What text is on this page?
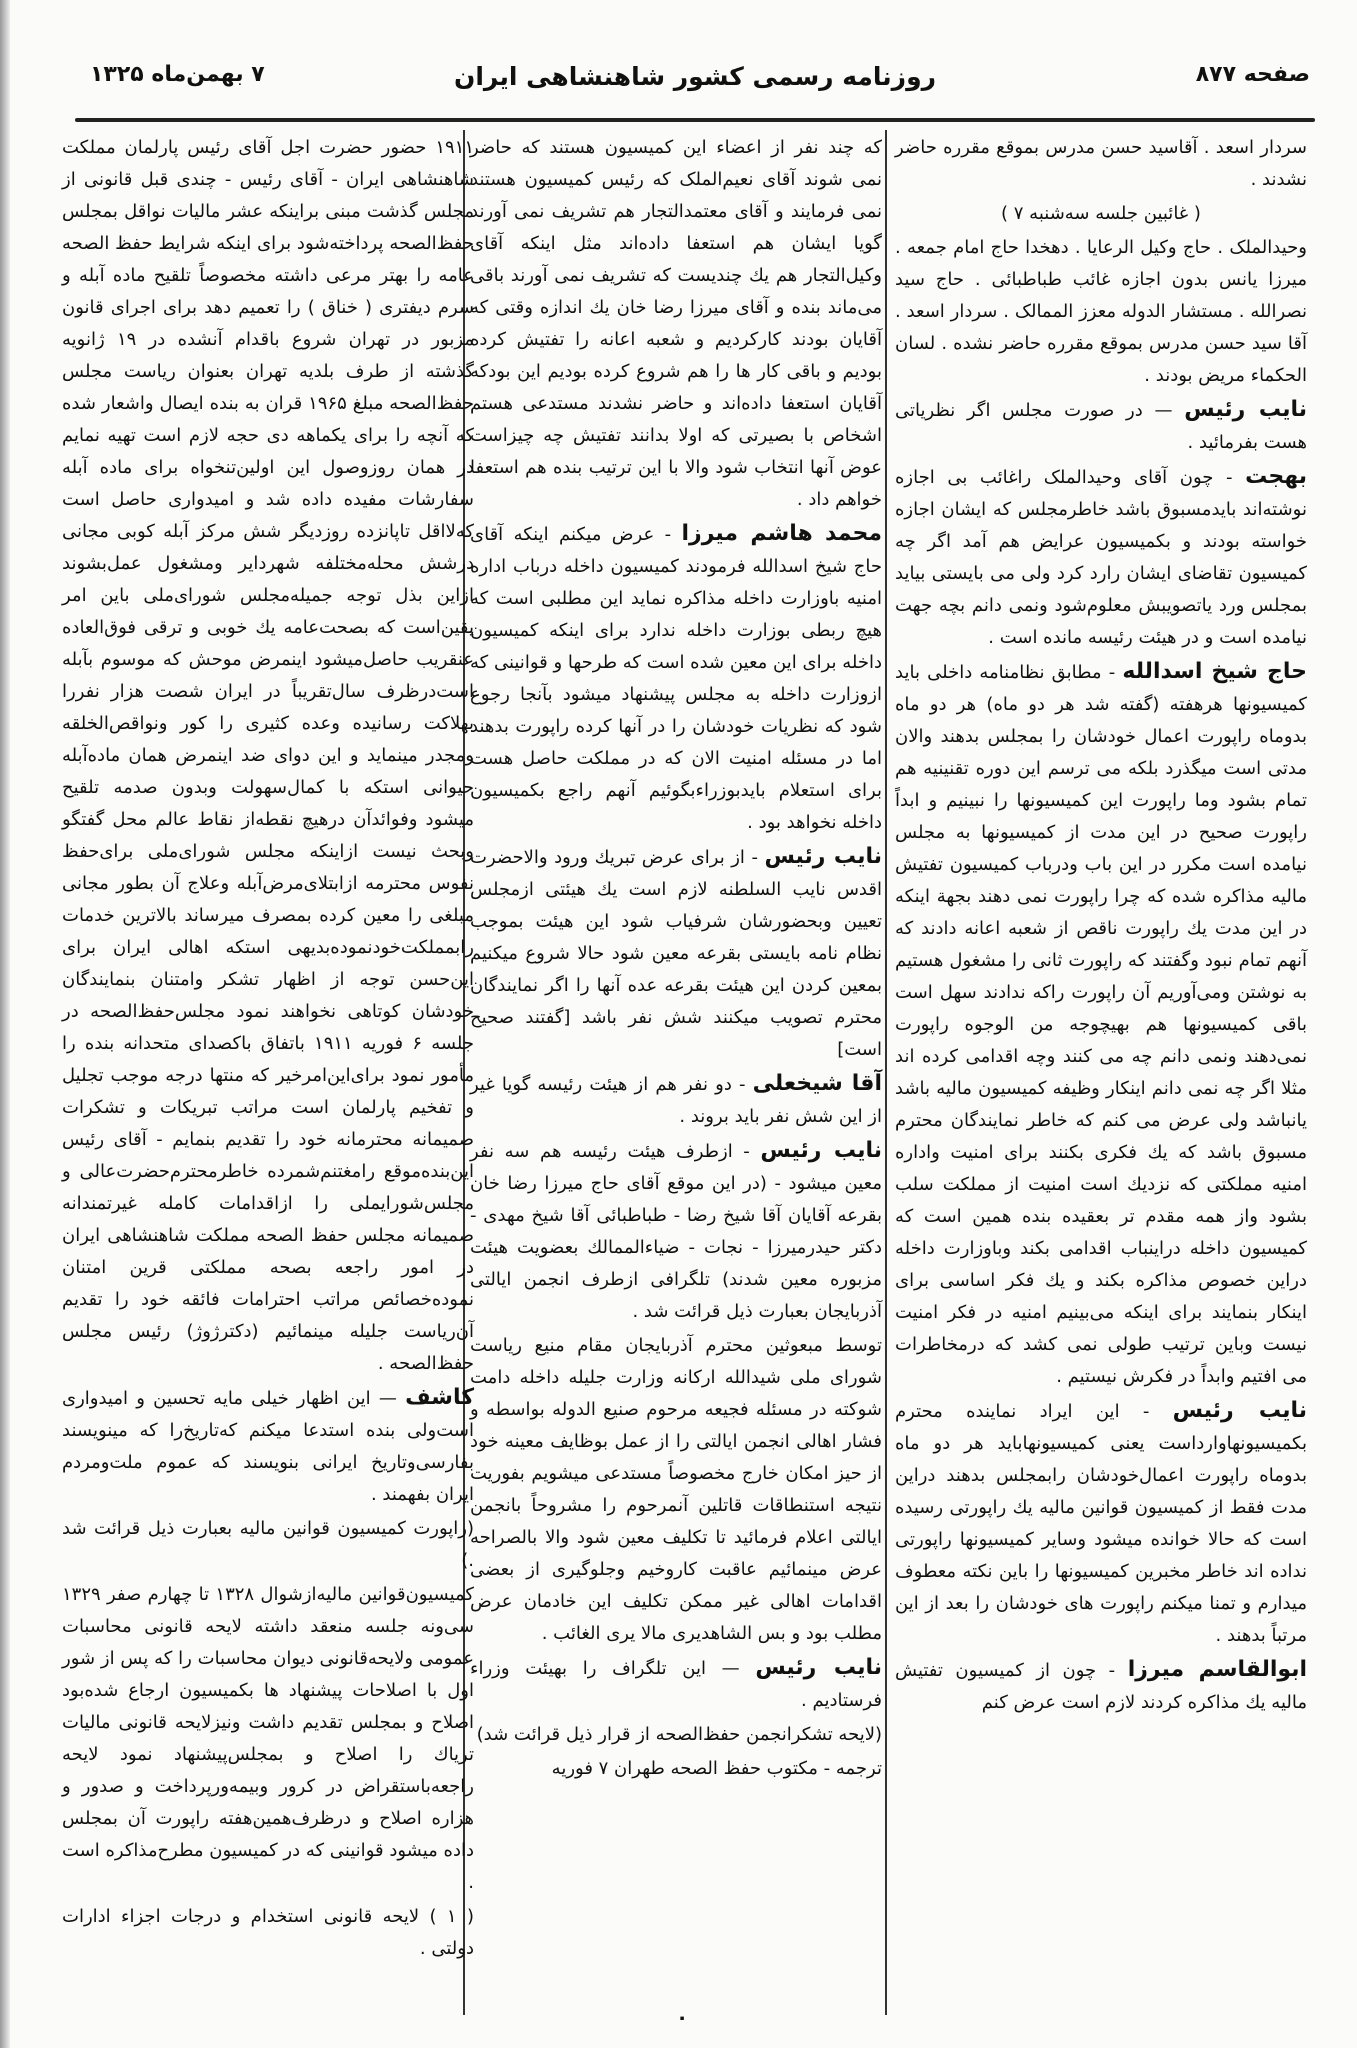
صفحه ۸۷۷
روزنامه رسمی کشور شاهنشاهی ایران
۷ بهمن‌ماه ۱۳۲۵

سردار اسعد . آقاسید حسن مدرس بموقع مقرره حاضر نشدند .

( غائبین جلسه سه‌شنبه ۷ )

وحیدالملک . حاج وکیل الرعایا . دهخدا حاج امام جمعه . میرزا یانس بدون اجازه غائب طباطبائی . حاج سید نصرالله . مستشار الدوله معزز الممالک . سردار اسعد . آقا سید حسن مدرس بموقع مقرره حاضر نشده . لسان الحکماء مریض بودند .

نایب رئیس — در صورت مجلس اگر نظریاتی هست بفرمائید .

بهجت - چون آقای وحیدالملک راغائب بی اجازه نوشته‌اند بایدمسبوق باشد خاطرمجلس که ایشان اجازه خواسته بودند و بکمیسیون عرایض هم آمد اگر چه کمیسیون تقاضای ایشان رارد کرد ولی می بایستی بیاید بمجلس ورد یاتصویبش معلوم‌شود ونمی دانم بچه جهت نیامده است و در هیئت رئیسه مانده است .

حاج شیخ اسدالله - مطابق نظامنامه داخلی باید کمیسیونها هرهفته (گفته شد هر دو ماه) هر دو ماه بدوماه راپورت اعمال خودشان را بمجلس بدهند والان مدتی است میگذرد بلکه می ترسم این دوره تقنینیه هم تمام بشود وما راپورت این کمیسیونها را نبینیم و ابداً راپورت صحیح در این مدت از کمیسیونها به مجلس نیامده است مکرر در این باب ودرباب کمیسیون تفتیش مالیه مذاکره شده که چرا راپورت نمی دهند بجهة اینکه در این مدت یك راپورت ناقص از شعبه اعانه دادند که آنهم تمام نبود وگفتند که راپورت ثانی را مشغول هستیم به نوشتن ومی‌آوریم آن راپورت راکه ندادند سهل است باقی کمیسیونها هم بهیچوجه من الوجوه راپورت نمی‌دهند ونمی دانم چه می کنند وچه اقدامی کرده اند مثلا اگر چه نمی دانم اینکار وظیفه کمیسیون مالیه باشد یانباشد ولی عرض می کنم که خاطر نمایندگان محترم مسبوق باشد که یك فکری بکنند برای امنیت واداره امنیه مملکتی که نزدیك است امنیت از مملکت سلب بشود واز همه مقدم تر بعقیده بنده همین است که کمیسیون داخله دراینباب اقدامی بکند وباوزارت داخله دراین خصوص مذاکره بکند و یك فکر اساسی برای اینکار بنمایند برای اینکه می‌بینیم امنیه در فکر امنیت نیست وباین ترتیب طولی نمی کشد که درمخاطرات می افتیم وابداً در فکرش نیستیم .

نایب رئیس - این ایراد نماینده محترم بکمیسیونهاوارداست یعنی کمیسیونهاباید هر دو ماه بدوماه راپورت اعمال‌خودشان رابمجلس بدهند دراین مدت فقط از کمیسیون قوانین مالیه یك راپورتی رسیده است که حالا خوانده میشود وسایر کمیسیونها راپورتی نداده اند خاطر مخبرین کمیسیونها را باین نکته معطوف میدارم و تمنا میکنم راپورت های خودشان را بعد از این مرتباً بدهند .

ابوالقاسم میرزا - چون از کمیسیون تفتیش مالیه یك مذاکره کردند لازم است عرض کنم

که چند نفر از اعضاء این کمیسیون هستند که حاضر نمی شوند آقای نعیم‌الملک که رئیس کمیسیون هستند نمی فرمایند و آقای معتمدالتجار هم تشریف نمی آورند گویا ایشان هم استعفا داده‌اند مثل اینکه آقای وکیل‌التجار هم یك چندیست که تشریف نمی آورند باقی می‌ماند بنده و آقای میرزا رضا خان یك اندازه وقتی که آقایان بودند کارکردیم و شعبه اعانه را تفتیش کرده بودیم و باقی کار ها را هم شروع کرده بودیم این بودکه آقایان استعفا داده‌اند و حاضر نشدند مستدعی هستم اشخاص با بصیرتی که اولا بدانند تفتیش چه چیزاست عوض آنها انتخاب شود والا با این ترتیب بنده هم استعفا خواهم داد .

محمد هاشم میرزا - عرض میکنم اینکه آقای حاج شیخ اسدالله فرمودند کمیسیون داخله درباب اداره امنیه باوزارت داخله مذاکره نماید این مطلبی است که هیچ ربطی بوزارت داخله ندارد برای اینکه کمیسیون داخله برای این معین شده است که طرحها و قوانینی که ازوزارت داخله به مجلس پیشنهاد میشود بآنجا رجوع شود که نظریات خودشان را در آنها کرده راپورت بدهند اما در مسئله امنیت الان که در مملکت حاصل هست برای استعلام بایدبوزراءبگوئیم آنهم راجع بکمیسیون داخله نخواهد بود .

نایب رئیس - از برای عرض تبریك ورود والاحضرت اقدس نایب السلطنه لازم است یك هیئتی ازمجلس تعیین وبحضورشان شرفیاب شود این هیئت بموجب نظام نامه بایستی بقرعه معین شود حالا شروع میکنیم بمعین کردن این هیئت بقرعه عده آنها را اگر نمایندگان محترم تصویب میکنند شش نفر باشد [گفتند صحیح است]

آقا شیخعلی - دو نفر هم از هیئت رئیسه گویا غیر از این شش نفر باید بروند .

نایب رئیس - ازطرف هیئت رئیسه هم سه نفر معین میشود - (در این موقع آقای حاج میرزا رضا خان بقرعه آقایان آقا شیخ رضا - طباطبائی آقا شیخ مهدی - دکتر حیدرمیرزا - نجات - ضیاءالممالك بعضویت هیئت مزبوره معین شدند) تلگرافی ازطرف انجمن ایالتی آذربایجان بعبارت ذیل قرائت شد .

توسط مبعوثین محترم آذربایجان مقام منیع ریاست شورای ملی شیدالله ارکانه وزارت جلیله داخله دامت شوکته در مسئله فجیعه مرحوم صنیع الدوله بواسطه و فشار اهالی انجمن ایالتی را از عمل بوظایف معینه خود از حیز امکان خارج مخصوصاً مستدعی میشویم بفوریت نتیجه استنطاقات قاتلین آنمرحوم را مشروحاً بانجمن ایالتی اعلام فرمائید تا تکلیف معین شود والا بالصراحه عرض مینمائیم عاقبت کاروخیم وجلوگیری از بعضی اقدامات اهالی غیر ممکن تکلیف این خادمان عرض مطلب بود و بس الشاهدیری مالا یری الغائب .

نایب رئیس — این تلگراف را بهیئت وزراء فرستادیم .

(لایحه تشکرانجمن حفظ‌الصحه از قرار ذیل قرائت شد)

ترجمه - مکتوب حفظ الصحه طهران ۷ فوریه

۱۹۱۱ حضور حضرت اجل آقای رئیس پارلمان مملکت شاهنشاهی ایران - آقای رئیس - چندی قبل قانونی از مجلس گذشت مبنی براینکه عشر مالیات نواقل بمجلس حفظ‌الصحه پرداخته‌شود برای اینکه شرایط حفظ الصحه عامه را بهتر مرعی داشته مخصوصاً تلقیح ماده آبله و سرم دیفتری ( خناق ) را تعمیم دهد برای اجرای قانون مزبور در تهران شروع باقدام آنشده در ۱۹ ژانویه گذشته از طرف بلدیه تهران بعنوان ریاست مجلس حفظ‌الصحه مبلغ ۱۹۶۵ قران به بنده ایصال واشعار شده که آنچه را برای یکماهه دی حجه لازم است تهیه نمایم در همان روزوصول این اولین‌تنخواه برای ماده آبله سفارشات مفیده داده شد و امیدواری حاصل است که‌لااقل تاپانزده روزدیگر شش مرکز آبله کوبی مجانی درشش محله‌مختلفه شهردایر ومشغول عمل‌بشوند ازاین بذل توجه جمیله‌مجلس شورای‌ملی باین امر یقین‌است که بصحت‌عامه یك خوبی و ترقی فوق‌العاده عنقریب حاصل‌میشود اینمرض موحش که موسوم بآبله است‌درظرف سال‌تقریباً در ایران شصت هزار نفررا بهلاکت رسانیده وعده کثیری را کور ونواقص‌الخلقه ومجدر مینماید و این دوای ضد اینمرض همان ماده‌آبله حیوانی استکه با کمال‌سهولت وبدون صدمه تلقیح میشود وفوائدآن درهیچ نقطه‌از نقاط عالم محل گفتگو وبحث نیست ازاینکه مجلس شورای‌ملی برای‌حفظ نفوس محترمه ازابتلای‌مرض‌آبله وعلاج آن بطور مجانی مبلغی را معین کرده بمصرف میرساند بالاترین خدمات رابمملکت‌خودنموده‌بدیهی استکه اهالی ایران برای این‌حسن توجه از اظهار تشکر وامتنان بنمایندگان خودشان کوتاهی نخواهند نمود مجلس‌حفظ‌الصحه در جلسه ۶ فوریه ۱۹۱۱ باتفاق باکصدای متحدانه بنده را مأمور نمود برای‌این‌امرخیر که منتها درجه موجب تجلیل و تفخیم پارلمان است مراتب تبریکات و تشکرات صمیمانه محترمانه خود را تقدیم بنمایم - آقای رئیس این‌بنده‌موقع رامغتنم‌شمرده خاطرمحترم‌حضرت‌عالی و مجلس‌شورایملی را ازاقدامات کامله غیرتمندانه صمیمانه مجلس حفظ الصحه مملکت شاهنشاهی ایران در امور راجعه بصحه مملکتی قرین امتنان نموده‌خصائص مراتب احترامات فائقه خود را تقدیم آن‌ریاست جلیله مینمائیم (دکترژوژ) رئیس مجلس حفظ‌الصحه .

کاشف — این اظهار خیلی مایه تحسین و امیدواری است‌ولی بنده استدعا میکنم که‌تاریخ‌را که مینویسند بفارسی‌وتاریخ ایرانی بنویسند که عموم ملت‌ومردم ایران بفهمند .

(راپورت کمیسیون قوانین مالیه بعبارت ذیل قرائت شد .)

کمیسیون‌قوانین مالیه‌ازشوال ۱۳۲۸ تا چهارم صفر ۱۳۲۹ سی‌ونه جلسه منعقد داشته لایحه قانونی محاسبات عمومی ولایحه‌قانونی دیوان محاسبات را که پس از شور اول با اصلاحات پیشنهاد ها بکمیسیون ارجاع شده‌بود اصلاح و بمجلس تقدیم داشت ونیزلایحه قانونی مالیات تریاك را اصلاح و بمجلس‌پیشنهاد نمود لایحه راجعه‌باستقراض در کرور وبیمه‌ورپرداخت و صدور و هزاره اصلاح و درظرف‌همین‌هفته راپورت آن بمجلس داده میشود قوانینی که در کمیسیون مطرح‌مذاکره است .

( ۱ ) لایحه قانونی استخدام و درجات اجزاء ادارات دولتی .

۰
